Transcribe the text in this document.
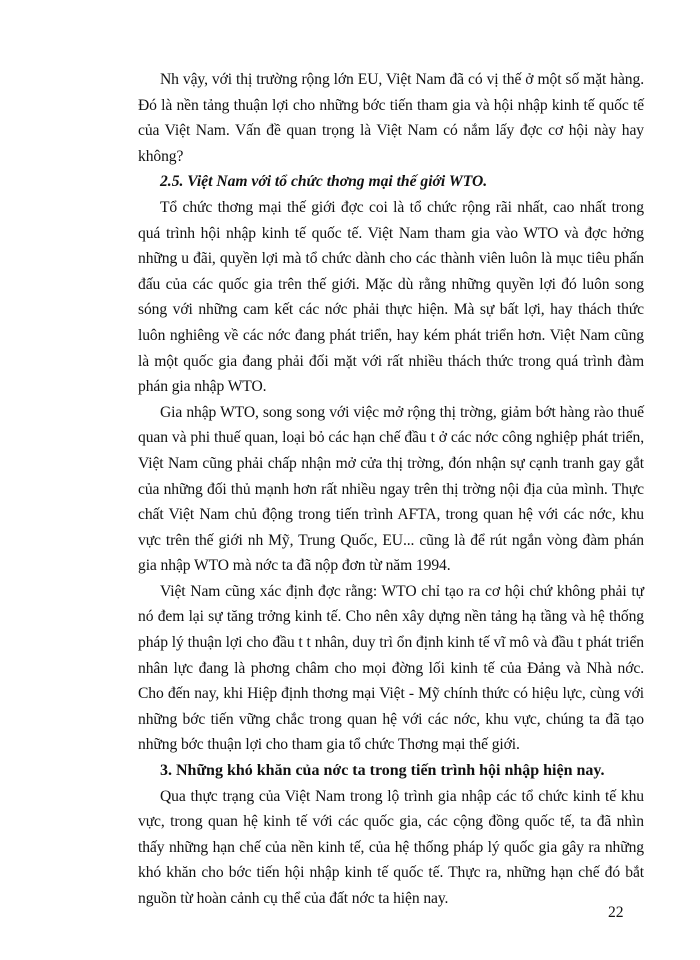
Nh vậy, với thị trường rộng lớn EU, Việt Nam đã có vị thế ở một số mặt hàng. Đó là nền tảng thuận lợi cho những bớc tiến tham gia và hội nhập kinh tế quốc tế của Việt Nam. Vấn đề quan trọng là Việt Nam có nắm lấy đợc cơ hội này hay không?

2.5. Việt Nam với tổ chức thơng mại thế giới WTO.

Tổ chức thơng mại thế giới đợc coi là tổ chức rộng rãi nhất, cao nhất trong quá trình hội nhập kinh tế quốc tế. Việt Nam tham gia vào WTO và đợc hởng những u đãi, quyền lợi mà tổ chức dành cho các thành viên luôn là mục tiêu phấn đấu của các quốc gia trên thế giới. Mặc dù rằng những quyền lợi đó luôn song sóng với những cam kết các nớc phải thực hiện. Mà sự bất lợi, hay thách thức luôn nghiêng về các nớc đang phát triển, hay kém phát triển hơn. Việt Nam cũng là một quốc gia đang phải đối mặt với rất nhiều thách thức trong quá trình đàm phán gia nhập WTO.

Gia nhập WTO, song song với việc mở rộng thị trờng, giảm bớt hàng rào thuế quan và phi thuế quan, loại bỏ các hạn chế đầu t ở các nớc công nghiệp phát triển, Việt Nam cũng phải chấp nhận mở cửa thị trờng, đón nhận sự cạnh tranh gay gắt của những đối thủ mạnh hơn rất nhiều ngay trên thị trờng nội địa của mình. Thực chất Việt Nam chủ động trong tiến trình AFTA, trong quan hệ với các nớc, khu vực trên thế giới nh Mỹ, Trung Quốc, EU... cũng là để rút ngắn vòng đàm phán gia nhập WTO mà nớc ta đã nộp đơn từ năm 1994.

Việt Nam cũng xác định đợc rằng: WTO chỉ tạo ra cơ hội chứ không phải tự nó đem lại sự tăng trởng kinh tế. Cho nên xây dựng nền tảng hạ tầng và hệ thống pháp lý thuận lợi cho đầu t t nhân, duy trì ổn định kinh tế vĩ mô và đầu t phát triển nhân lực đang là phơng châm cho mọi đờng lối kinh tế của Đảng và Nhà nớc. Cho đến nay, khi Hiệp định thơng mại Việt - Mỹ chính thức có hiệu lực, cùng với những bớc tiến vững chắc trong quan hệ với các nớc, khu vực, chúng ta đã tạo những bớc thuận lợi cho tham gia tổ chức Thơng mại thế giới.

3. Những khó khăn của nớc ta trong tiến trình hội nhập hiện nay.

Qua thực trạng của Việt Nam trong lộ trình gia nhập các tổ chức kinh tế khu vực, trong quan hệ kinh tế với các quốc gia, các cộng đồng quốc tế, ta đã nhìn thấy những hạn chế của nền kinh tế, của hệ thống pháp lý quốc gia gây ra những khó khăn cho bớc tiến hội nhập kinh tế quốc tế. Thực ra, những hạn chế đó bắt nguồn từ hoàn cảnh cụ thể của đất nớc ta hiện nay.

22
